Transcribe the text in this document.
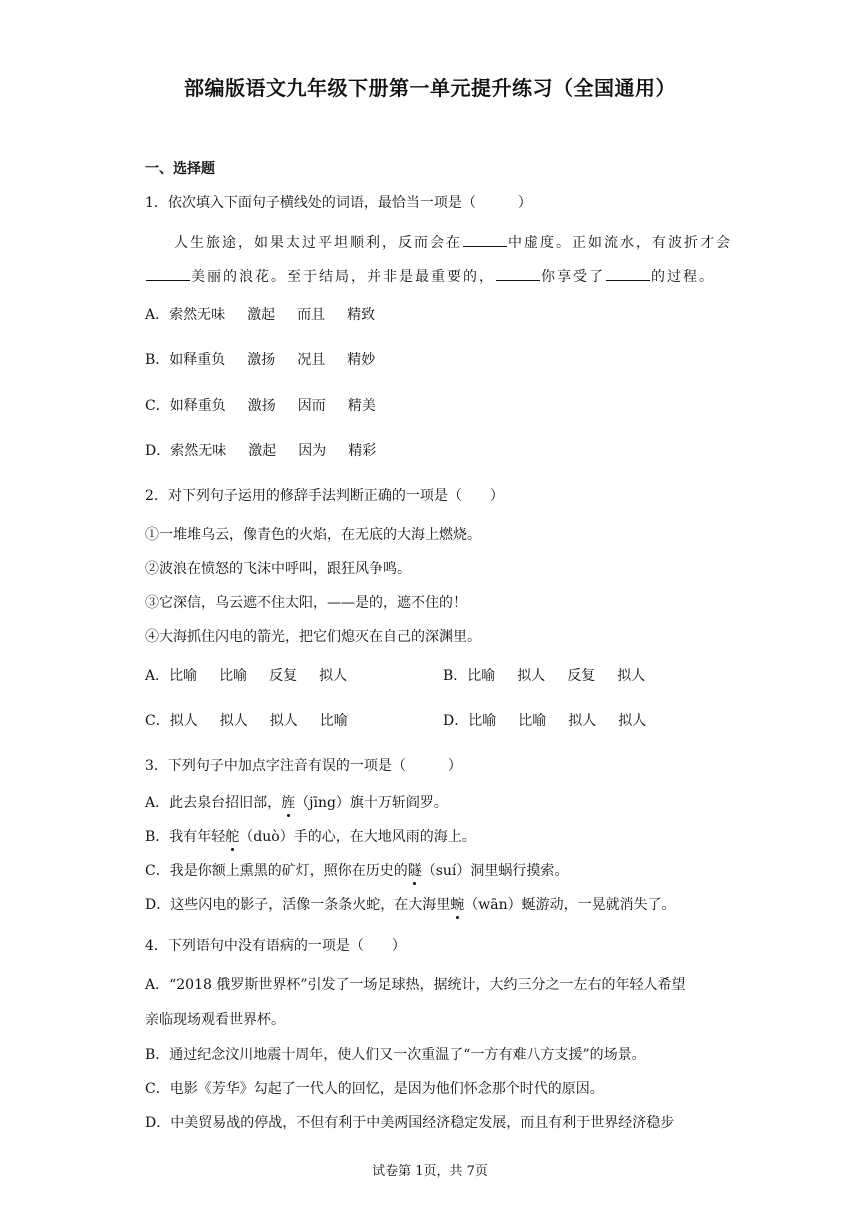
部编版语文九年级下册第一单元提升练习（全国通用）
一、选择题
1．依次填入下面句子横线处的词语，最恰当一项是（　　　）
人生旅途，如果太过平坦顺利，反而会在	中虚度。正如流水，有波折才会
美丽的浪花。至于结局，并非是最重要的，	你享受了	的过程。
A．索然无味 激起 而且 精致
B．如释重负 激扬 况且 精妙
C．如释重负 激扬 因而 精美
D．索然无味 激起 因为 精彩
2．对下列句子运用的修辞手法判断正确的一项是（　　）
①一堆堆乌云，像青色的火焰，在无底的大海上燃烧。
②波浪在愤怒的飞沫中呼叫，跟狂风争鸣。
③它深信，乌云遮不住太阳，——是的，遮不住的！
④大海抓住闪电的箭光，把它们熄灭在自己的深渊里。
A．比喻 比喻 反复 拟人	B．比喻 拟人 反复 拟人
C．拟人 拟人 拟人 比喻	D．比喻 比喻 拟人 拟人
3．下列句子中加点字注音有误的一项是（　　　）
A．此去泉台招旧部，旌（jīng）旗十万斩阎罗。
B．我有年轻舵（duò）手的心，在大地风雨的海上。
C．我是你额上熏黑的矿灯，照你在历史的隧（suí）洞里蜗行摸索。
D．这些闪电的影子，活像一条条火蛇，在大海里蜿（wān）蜒游动，一晃就消失了。
4．下列语句中没有语病的一项是（　　）
A．“2018 俄罗斯世界杯”引发了一场足球热，据统计，大约三分之一左右的年轻人希望
亲临现场观看世界杯。
B．通过纪念汶川地震十周年，使人们又一次重温了“一方有难八方支援”的场景。
C．电影《芳华》勾起了一代人的回忆，是因为他们怀念那个时代的原因。
D．中美贸易战的停战，不但有利于中美两国经济稳定发展，而且有利于世界经济稳步
试卷第 1页，共 7页
